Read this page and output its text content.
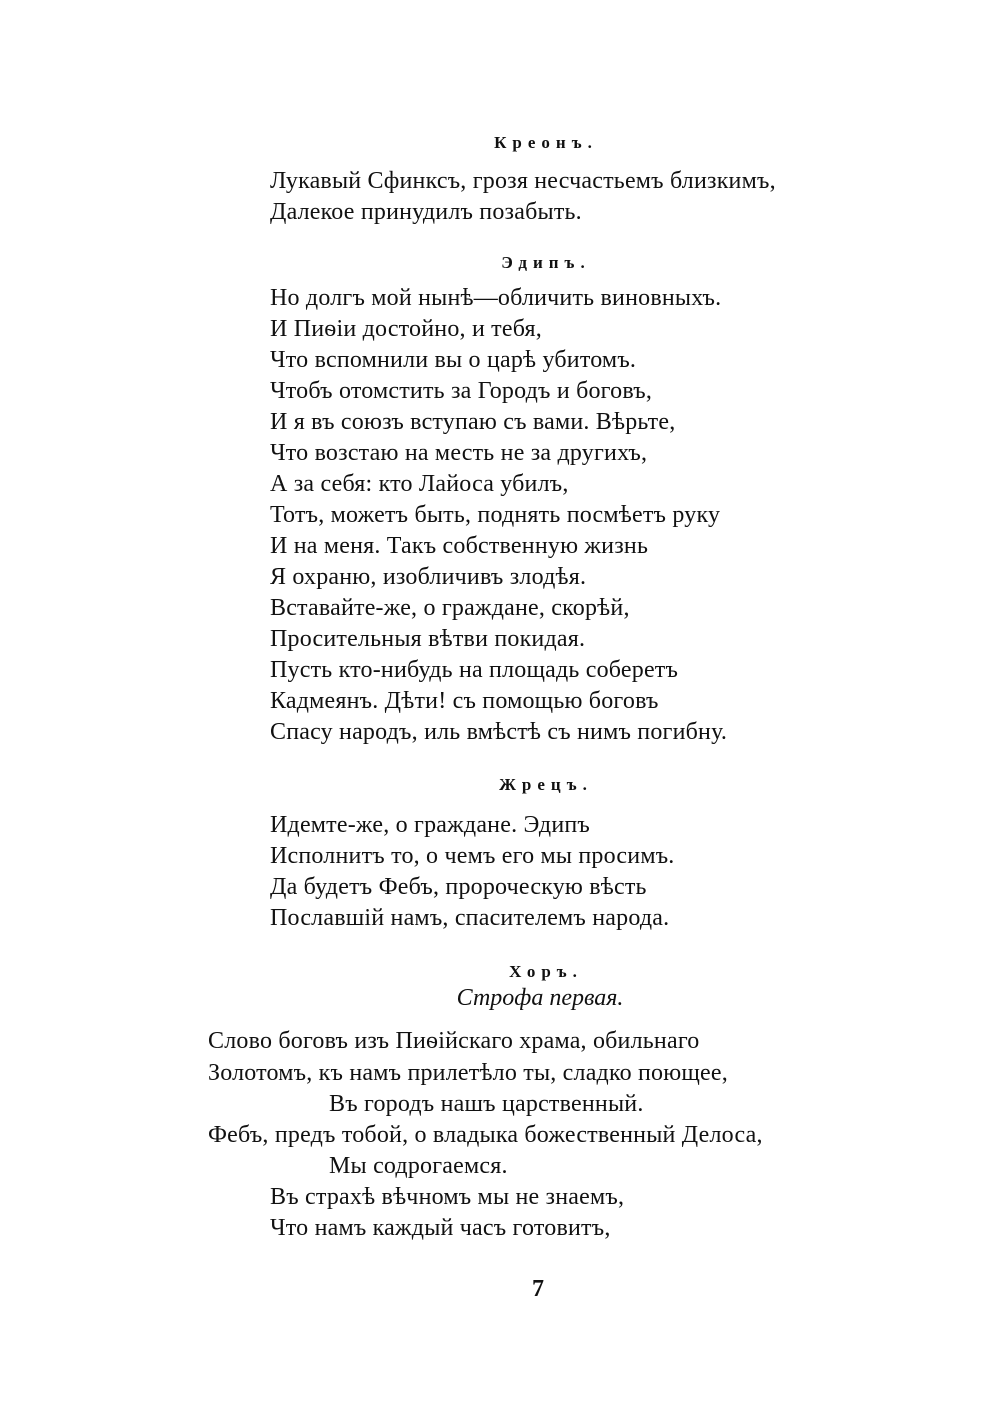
Креонъ.
Лукавый Сфинксъ, грозя несчастьемъ близкимъ,
Далекое принудилъ позабыть.
Эдипъ.
Но долгъ мой нынѣ—обличить виновныхъ.
И Пиѳіи достойно, и тебя,
Что вспомнили вы о царѣ убитомъ.
Чтобъ отомстить за Городъ и боговъ,
И я въ союзъ вступаю съ вами. Вѣрьте,
Что возстаю на месть не за другихъ,
А за себя: кто Лайоса убилъ,
Тотъ, можетъ быть, поднять посмѣетъ руку
И на меня. Такъ собственную жизнь
Я охраню, изобличивъ злодѣя.
Вставайте-же, о граждане, скорѣй,
Просительныя вѣтви покидая.
Пусть кто-нибудь на площадь соберетъ
Кадмеянъ. Дѣти! съ помощью боговъ
Спасу народъ, иль вмѣстѣ съ нимъ погибну.
Жрецъ.
Идемте-же, о граждане. Эдипъ
Исполнитъ то, о чемъ его мы просимъ.
Да будетъ Фебъ, пророческую вѣсть
Пославшій намъ, спасителемъ народа.
Хоръ.
Строфа первая.
Слово боговъ изъ Пиѳійскаго храма, обильнаго
Золотомъ, къ намъ прилетѣло ты, сладко поющее,
Въ городъ нашъ царственный.
Фебъ, предъ тобой, о владыка божественный Делоса,
Мы содрогаемся.
Въ страхѣ вѣчномъ мы не знаемъ,
Что намъ каждый часъ готовитъ,
7
